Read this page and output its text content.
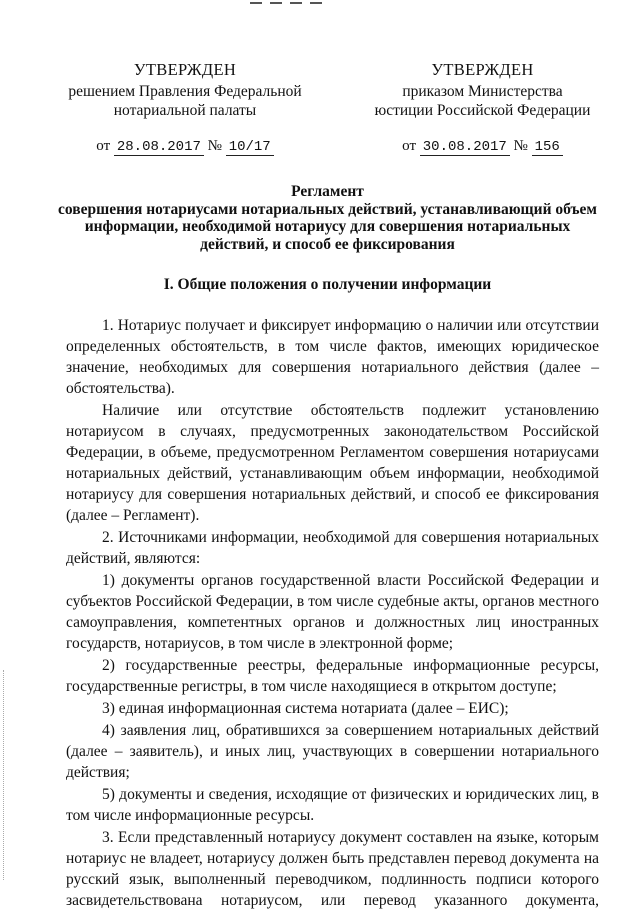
УТВЕРЖДЕН
решением Правления Федеральной
нотариальной палаты
от 28.08.2017 № 10/17
УТВЕРЖДЕН
приказом Министерства
юстиции Российской Федерации
от 30.08.2017 № 156
Регламент
совершения нотариусами нотариальных действий, устанавливающий объем
информации, необходимой нотариусу для совершения нотариальных
действий, и способ ее фиксирования
I. Общие положения о получении информации

1. Нотариус получает и фиксирует информацию о наличии или отсутствии определенных обстоятельств, в том числе фактов, имеющих юридическое значение, необходимых для совершения нотариального действия (далее – обстоятельства).

Наличие или отсутствие обстоятельств подлежит установлению нотариусом в случаях, предусмотренных законодательством Российской Федерации, в объеме, предусмотренном Регламентом совершения нотариусами нотариальных действий, устанавливающим объем информации, необходимой нотариусу для совершения нотариальных действий, и способ ее фиксирования (далее – Регламент).

2. Источниками информации, необходимой для совершения нотариальных действий, являются:

1) документы органов государственной власти Российской Федерации и субъектов Российской Федерации, в том числе судебные акты, органов местного самоуправления, компетентных органов и должностных лиц иностранных государств, нотариусов, в том числе в электронной форме;

2) государственные реестры, федеральные информационные ресурсы, государственные регистры, в том числе находящиеся в открытом доступе;

3) единая информационная система нотариата (далее – ЕИС);

4) заявления лиц, обратившихся за совершением нотариальных действий (далее – заявитель), и иных лиц, участвующих в совершении нотариального действия;

5) документы и сведения, исходящие от физических и юридических лиц, в том числе информационные ресурсы.

3. Если представленный нотариусу документ составлен на языке, которым нотариус не владеет, нотариусу должен быть представлен перевод документа на русский язык, выполненный переводчиком, подлинность подписи которого засвидетельствована нотариусом, или перевод указанного документа,
